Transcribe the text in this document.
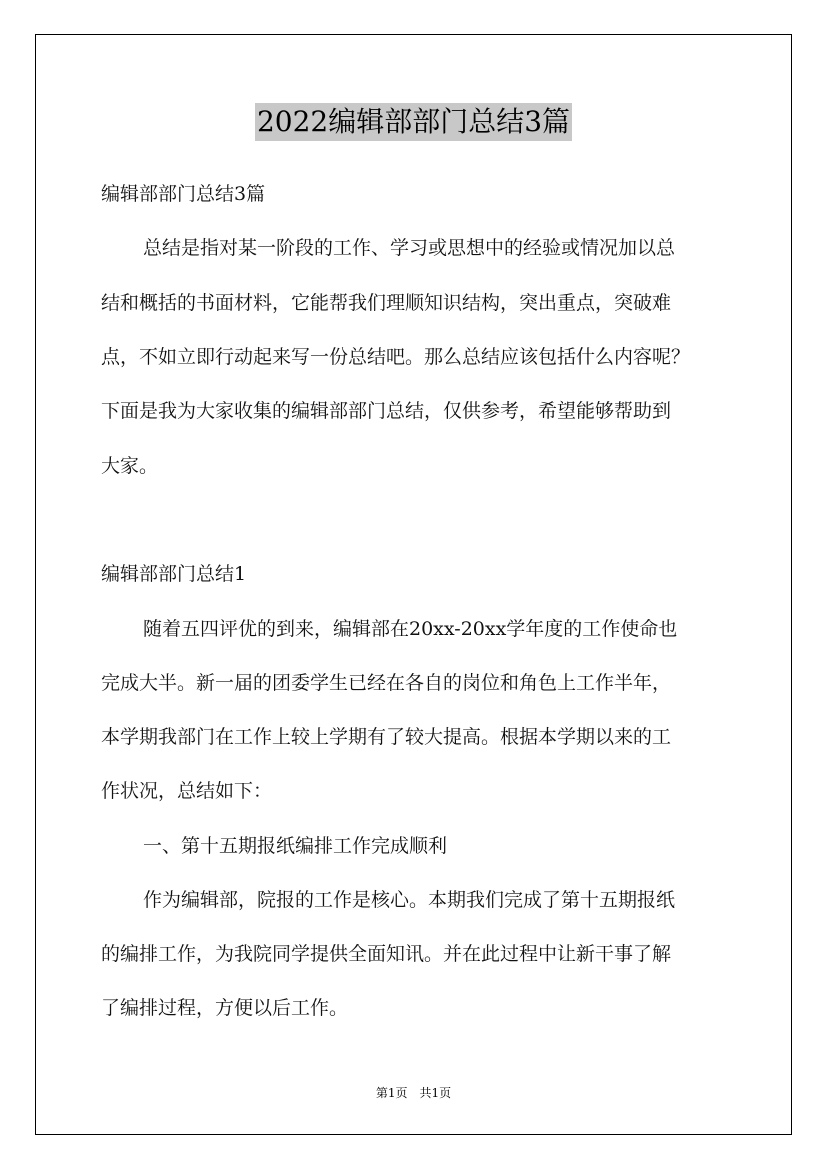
2022编辑部部门总结3篇
编辑部部门总结3篇
总结是指对某一阶段的工作、学习或思想中的经验或情况加以总
结和概括的书面材料，它能帮我们理顺知识结构，突出重点，突破难
点，不如立即行动起来写一份总结吧。那么总结应该包括什么内容呢？
下面是我为大家收集的编辑部部门总结，仅供参考，希望能够帮助到
大家。
编辑部部门总结1
随着五四评优的到来，编辑部在20xx-20xx学年度的工作使命也
完成大半。新一届的团委学生已经在各自的岗位和角色上工作半年，
本学期我部门在工作上较上学期有了较大提高。根据本学期以来的工
作状况，总结如下：
一、第十五期报纸编排工作完成顺利
作为编辑部，院报的工作是核心。本期我们完成了第十五期报纸
的编排工作，为我院同学提供全面知讯。并在此过程中让新干事了解
了编排过程，方便以后工作。
第1页　共1页
